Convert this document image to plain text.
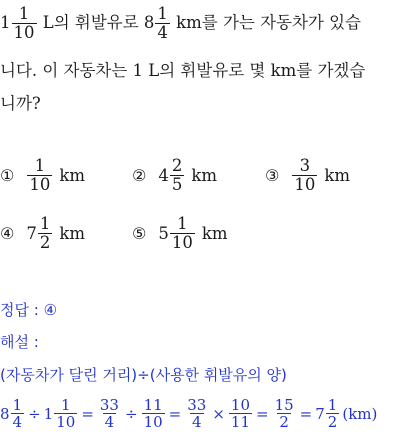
$1 \frac{1}{10}$ L의 휘발유로 $8 \frac{1}{4}$ km를 가는 자동차가 있습
니다. 이 자동차는 1 L의 휘발유로 몇 km를 가겠습
니까?
① $\frac{1}{10}$ km	② $4 \frac{2}{5}$ km	③ $\frac{3}{10}$ km
④ $7 \frac{1}{2}$ km	⑤ $5 \frac{1}{10}$ km
정답 : ④
해설 :
(자동차가 달린 거리)÷(사용한 휘발유의 양)
$8 \frac{1}{4} \div 1 \frac{1}{10} = \frac{33}{4} \div \frac{11}{10} = \frac{33}{4} \times \frac{10}{11} = \frac{15}{2} = 7 \frac{1}{2} (km)$
